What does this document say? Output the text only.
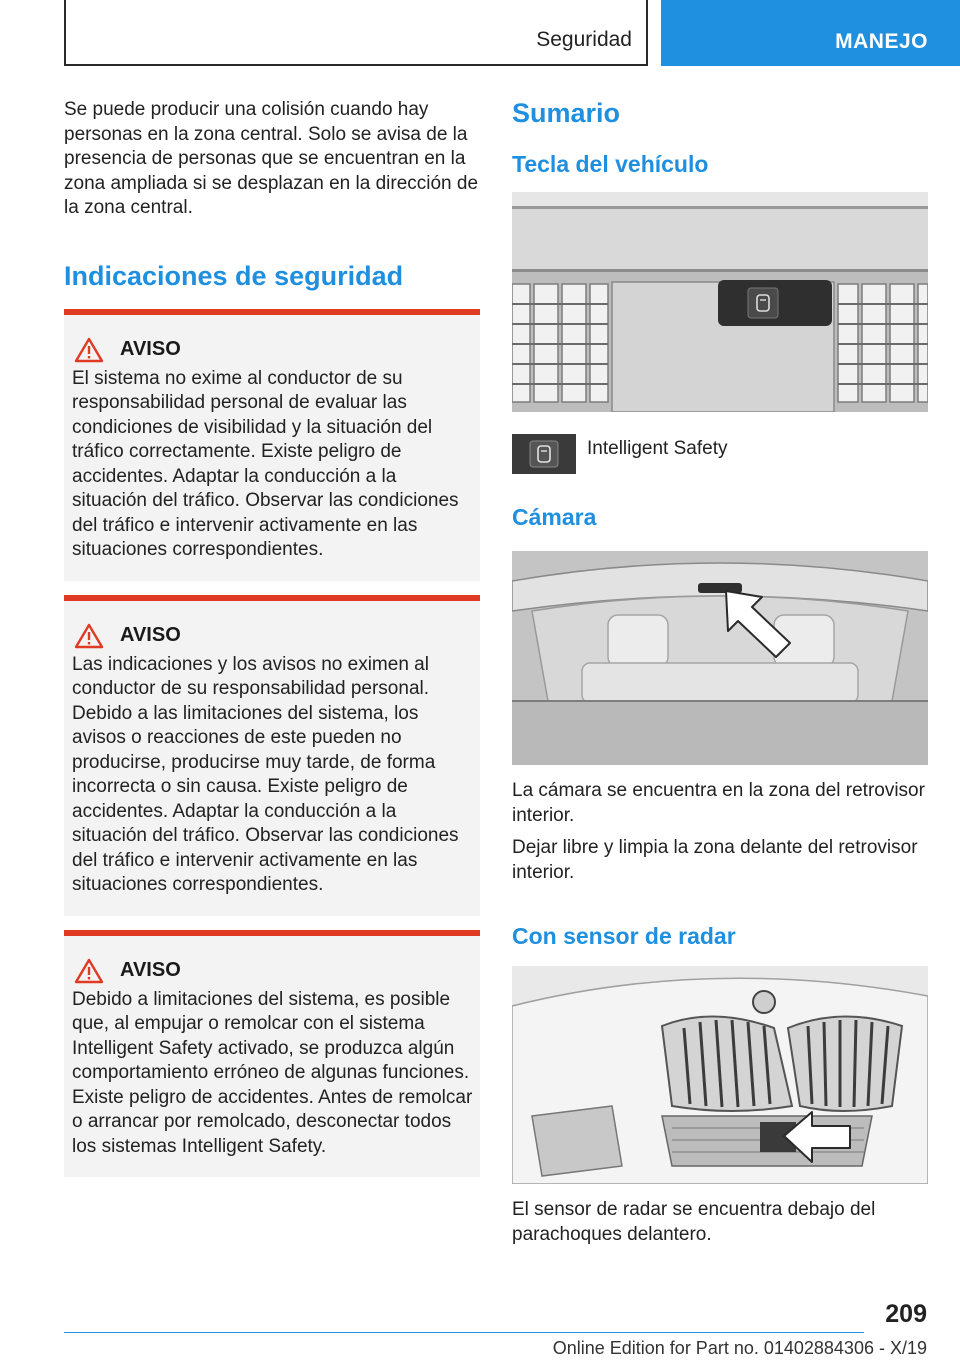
Seguridad	MANEJO

Se puede producir una colisión cuando hay personas en la zona central. Solo se avisa de la presencia de personas que se encuentran en la zona ampliada si se desplazan en la dirección de la zona central.

Indicaciones de seguridad
AVISO

El sistema no exime al conductor de su responsabilidad personal de evaluar las condiciones de visibilidad y la situación del tráfico correctamente. Existe peligro de accidentes. Adaptar la conducción a la situación del tráfico. Observar las condiciones del tráfico e intervenir activamente en las situaciones correspondientes.

AVISO

Las indicaciones y los avisos no eximen al conductor de su responsabilidad personal. Debido a las limitaciones del sistema, los avisos o reacciones de este pueden no producirse, producirse muy tarde, de forma incorrecta o sin causa. Existe peligro de accidentes. Adaptar la conducción a la situación del tráfico. Observar las condiciones del tráfico e intervenir activamente en las situaciones correspondientes.

AVISO

Debido a limitaciones del sistema, es posible que, al empujar o remolcar con el sistema Intelligent Safety activado, se produzca algún comportamiento erróneo de algunas funciones. Existe peligro de accidentes. Antes de remolcar o arrancar por remolcado, desconectar todos los sistemas Intelligent Safety.

Sumario
Tecla del vehículo
Intelligent Safety
Cámara

La cámara se encuentra en la zona del retrovisor interior.

Dejar libre y limpia la zona delante del retrovisor interior.

Con sensor de radar

El sensor de radar se encuentra debajo del parachoques delantero.

209
Online Edition for Part no. 01402884306 - X/19
